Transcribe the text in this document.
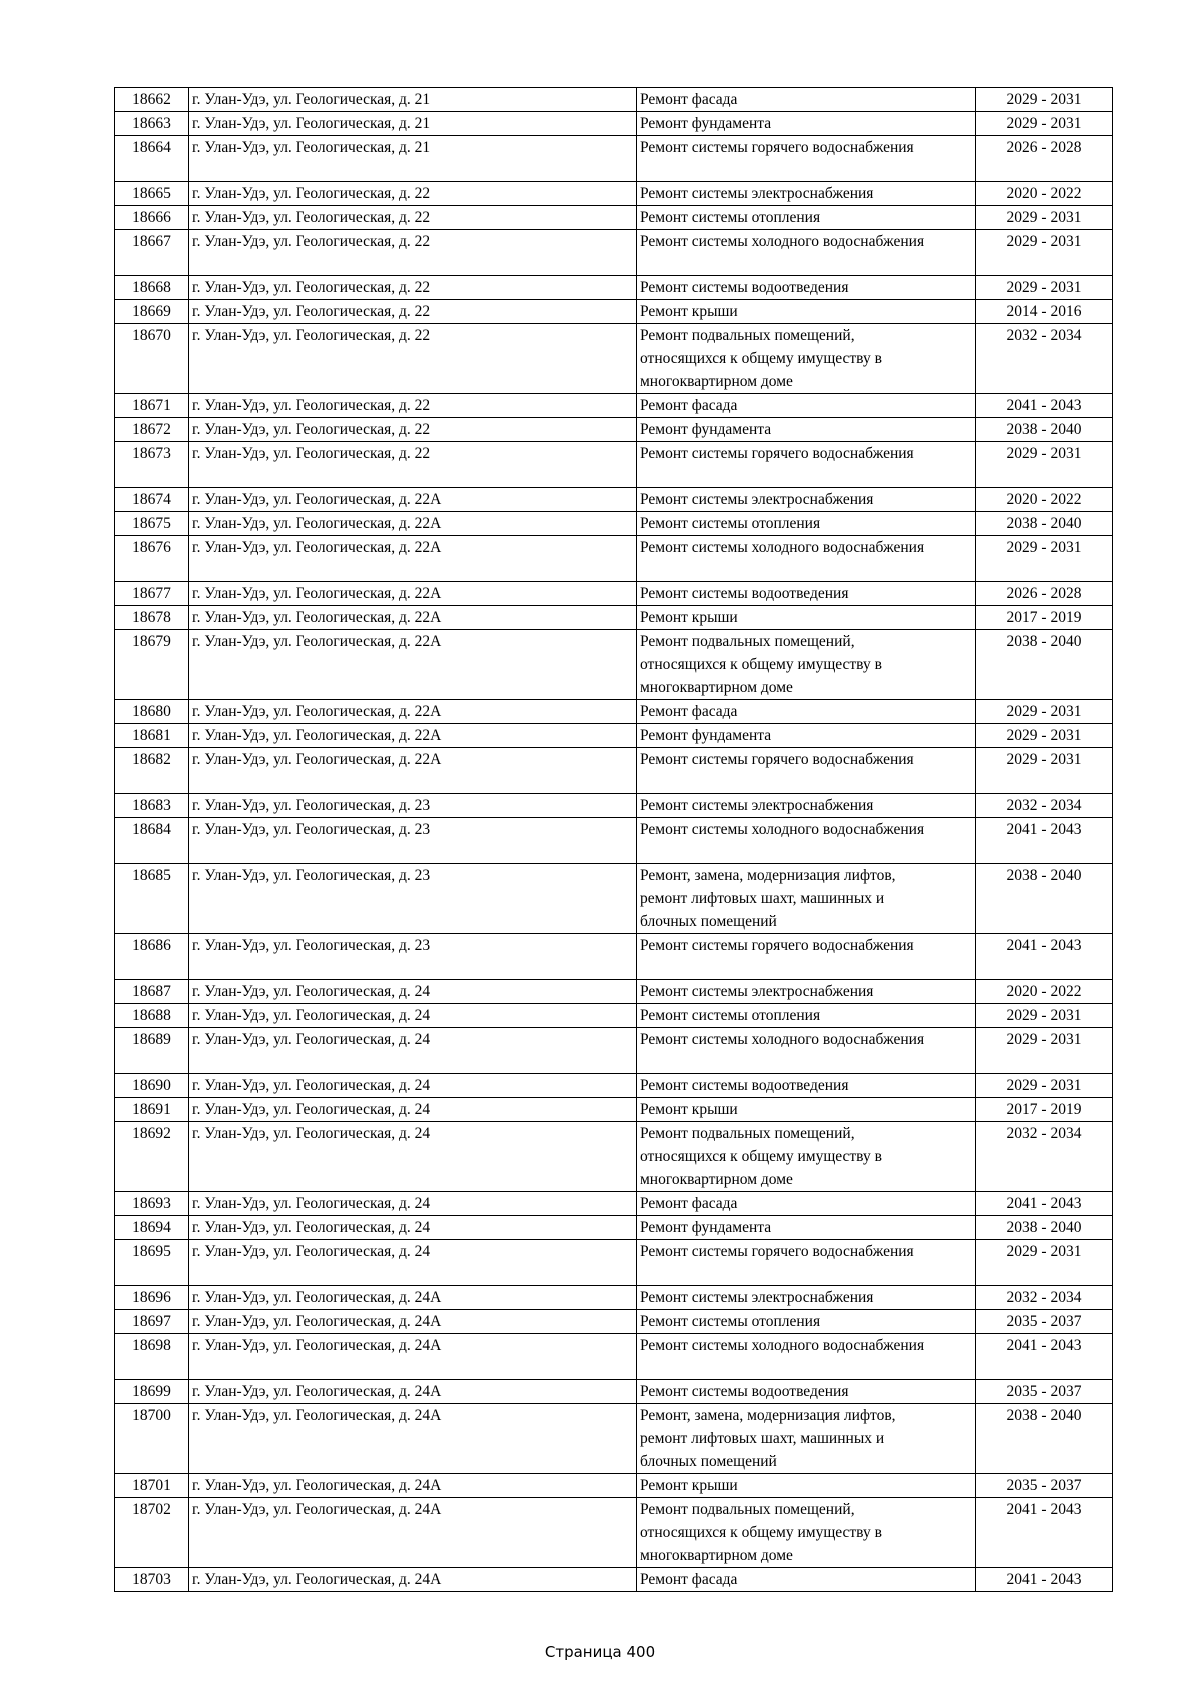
18662	г. Улан-Удэ, ул. Геологическая, д. 21	Ремонт фасада	2029 - 2031
18663	г. Улан-Удэ, ул. Геологическая, д. 21	Ремонт фундамента	2029 - 2031
18664	г. Улан-Удэ, ул. Геологическая, д. 21	Ремонт системы горячего водоснабжения	2026 - 2028
18665	г. Улан-Удэ, ул. Геологическая, д. 22	Ремонт системы электроснабжения	2020 - 2022
18666	г. Улан-Удэ, ул. Геологическая, д. 22	Ремонт системы отопления	2029 - 2031
18667	г. Улан-Удэ, ул. Геологическая, д. 22	Ремонт системы холодного водоснабжения	2029 - 2031
18668	г. Улан-Удэ, ул. Геологическая, д. 22	Ремонт системы водоотведения	2029 - 2031
18669	г. Улан-Удэ, ул. Геологическая, д. 22	Ремонт крыши	2014 - 2016
18670	г. Улан-Удэ, ул. Геологическая, д. 22	Ремонт подвальных помещений,
относящихся к общему имуществу в
многоквартирном доме	2032 - 2034
18671	г. Улан-Удэ, ул. Геологическая, д. 22	Ремонт фасада	2041 - 2043
18672	г. Улан-Удэ, ул. Геологическая, д. 22	Ремонт фундамента	2038 - 2040
18673	г. Улан-Удэ, ул. Геологическая, д. 22	Ремонт системы горячего водоснабжения	2029 - 2031
18674	г. Улан-Удэ, ул. Геологическая, д. 22А	Ремонт системы электроснабжения	2020 - 2022
18675	г. Улан-Удэ, ул. Геологическая, д. 22А	Ремонт системы отопления	2038 - 2040
18676	г. Улан-Удэ, ул. Геологическая, д. 22А	Ремонт системы холодного водоснабжения	2029 - 2031
18677	г. Улан-Удэ, ул. Геологическая, д. 22А	Ремонт системы водоотведения	2026 - 2028
18678	г. Улан-Удэ, ул. Геологическая, д. 22А	Ремонт крыши	2017 - 2019
18679	г. Улан-Удэ, ул. Геологическая, д. 22А	Ремонт подвальных помещений,
относящихся к общему имуществу в
многоквартирном доме	2038 - 2040
18680	г. Улан-Удэ, ул. Геологическая, д. 22А	Ремонт фасада	2029 - 2031
18681	г. Улан-Удэ, ул. Геологическая, д. 22А	Ремонт фундамента	2029 - 2031
18682	г. Улан-Удэ, ул. Геологическая, д. 22А	Ремонт системы горячего водоснабжения	2029 - 2031
18683	г. Улан-Удэ, ул. Геологическая, д. 23	Ремонт системы электроснабжения	2032 - 2034
18684	г. Улан-Удэ, ул. Геологическая, д. 23	Ремонт системы холодного водоснабжения	2041 - 2043
18685	г. Улан-Удэ, ул. Геологическая, д. 23	Ремонт, замена, модернизация лифтов,
ремонт лифтовых шахт, машинных и
блочных помещений	2038 - 2040
18686	г. Улан-Удэ, ул. Геологическая, д. 23	Ремонт системы горячего водоснабжения	2041 - 2043
18687	г. Улан-Удэ, ул. Геологическая, д. 24	Ремонт системы электроснабжения	2020 - 2022
18688	г. Улан-Удэ, ул. Геологическая, д. 24	Ремонт системы отопления	2029 - 2031
18689	г. Улан-Удэ, ул. Геологическая, д. 24	Ремонт системы холодного водоснабжения	2029 - 2031
18690	г. Улан-Удэ, ул. Геологическая, д. 24	Ремонт системы водоотведения	2029 - 2031
18691	г. Улан-Удэ, ул. Геологическая, д. 24	Ремонт крыши	2017 - 2019
18692	г. Улан-Удэ, ул. Геологическая, д. 24	Ремонт подвальных помещений,
относящихся к общему имуществу в
многоквартирном доме	2032 - 2034
18693	г. Улан-Удэ, ул. Геологическая, д. 24	Ремонт фасада	2041 - 2043
18694	г. Улан-Удэ, ул. Геологическая, д. 24	Ремонт фундамента	2038 - 2040
18695	г. Улан-Удэ, ул. Геологическая, д. 24	Ремонт системы горячего водоснабжения	2029 - 2031
18696	г. Улан-Удэ, ул. Геологическая, д. 24А	Ремонт системы электроснабжения	2032 - 2034
18697	г. Улан-Удэ, ул. Геологическая, д. 24А	Ремонт системы отопления	2035 - 2037
18698	г. Улан-Удэ, ул. Геологическая, д. 24А	Ремонт системы холодного водоснабжения	2041 - 2043
18699	г. Улан-Удэ, ул. Геологическая, д. 24А	Ремонт системы водоотведения	2035 - 2037
18700	г. Улан-Удэ, ул. Геологическая, д. 24А	Ремонт, замена, модернизация лифтов,
ремонт лифтовых шахт, машинных и
блочных помещений	2038 - 2040
18701	г. Улан-Удэ, ул. Геологическая, д. 24А	Ремонт крыши	2035 - 2037
18702	г. Улан-Удэ, ул. Геологическая, д. 24А	Ремонт подвальных помещений,
относящихся к общему имуществу в
многоквартирном доме	2041 - 2043
18703	г. Улан-Удэ, ул. Геологическая, д. 24А	Ремонт фасада	2041 - 2043
Страница 400
